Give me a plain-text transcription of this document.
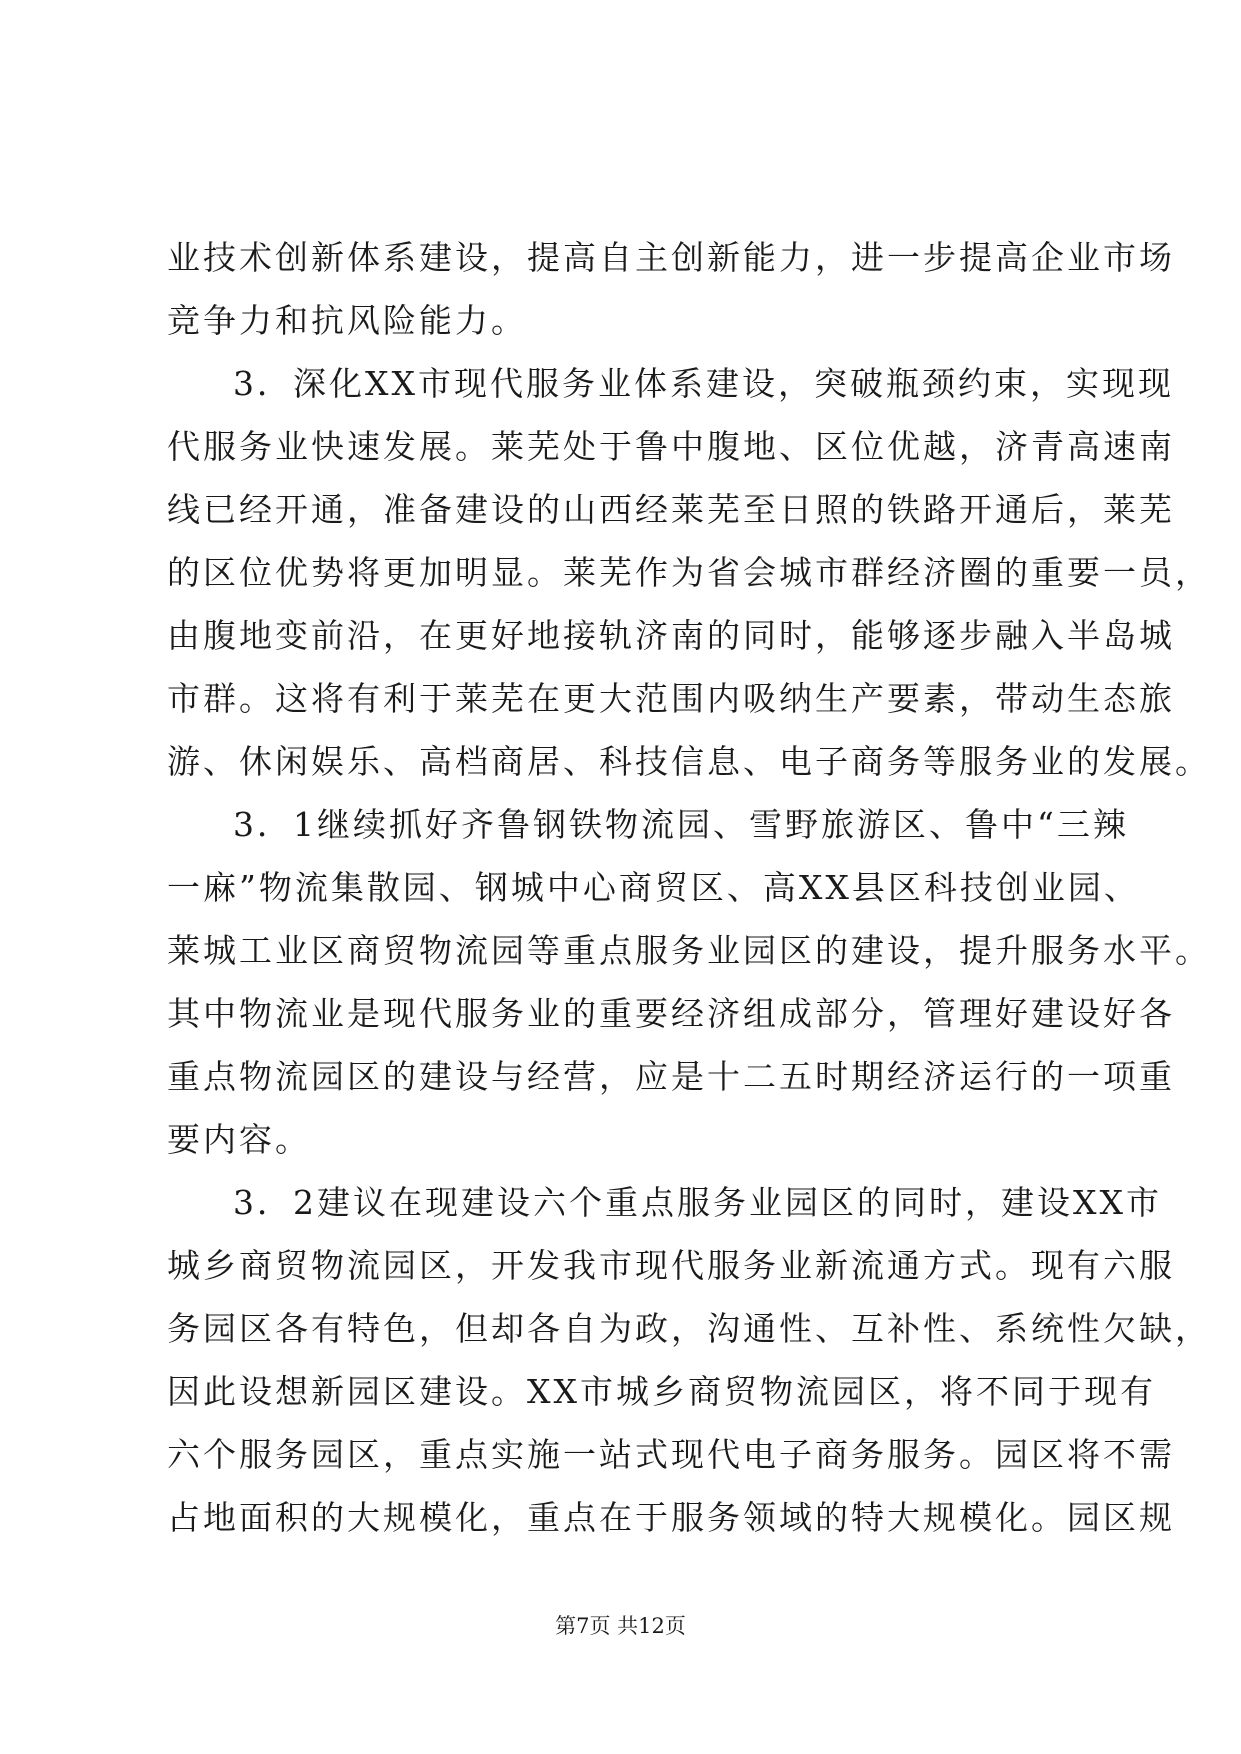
业技术创新体系建设，提高自主创新能力，进一步提高企业市场
竞争力和抗风险能力。
3．深化XX市现代服务业体系建设，突破瓶颈约束，实现现
代服务业快速发展。莱芜处于鲁中腹地、区位优越，济青高速南
线已经开通，准备建设的山西经莱芜至日照的铁路开通后，莱芜
的区位优势将更加明显。莱芜作为省会城市群经济圈的重要一员，
由腹地变前沿，在更好地接轨济南的同时，能够逐步融入半岛城
市群。这将有利于莱芜在更大范围内吸纳生产要素，带动生态旅
游、休闲娱乐、高档商居、科技信息、电子商务等服务业的发展。
3．1继续抓好齐鲁钢铁物流园、雪野旅游区、鲁中“三辣
一麻”物流集散园、钢城中心商贸区、高XX县区科技创业园、
莱城工业区商贸物流园等重点服务业园区的建设，提升服务水平。
其中物流业是现代服务业的重要经济组成部分，管理好建设好各
重点物流园区的建设与经营，应是十二五时期经济运行的一项重
要内容。
3．2建议在现建设六个重点服务业园区的同时，建设XX市
城乡商贸物流园区，开发我市现代服务业新流通方式。现有六服
务园区各有特色，但却各自为政，沟通性、互补性、系统性欠缺，
因此设想新园区建设。XX市城乡商贸物流园区，将不同于现有
六个服务园区，重点实施一站式现代电子商务服务。园区将不需
占地面积的大规模化，重点在于服务领域的特大规模化。园区规
第7页 共12页
